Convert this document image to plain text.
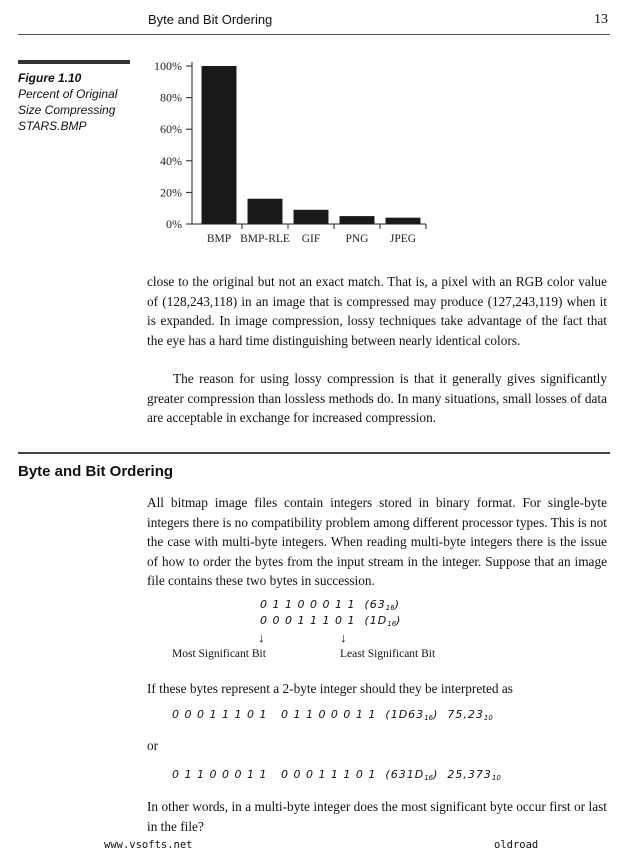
Byte and Bit Ordering	13
Figure 1.10
Percent of Original
Size Compressing
STARS.BMP
0%
20%
40%
60%
80%
100%
BMP BMP-RLE GIF PNG JPEG
close to the original but not an exact match. That is, a pixel with an RGB color value of (128,243,118) in an image that is compressed may produce (127,243,119) when it is expanded. In image compression, lossy techniques take advantage of the fact that the eye has a hard time distinguishing between nearly identical colors.
The reason for using lossy compression is that it generally gives significantly greater compression than lossless methods do. In many situations, small losses of data are acceptable in exchange for increased compression.
Byte and Bit Ordering
All bitmap image files contain integers stored in binary format. For single-byte integers there is no compatibility problem among different processor types. This is not the case with multi-byte integers. When reading multi-byte integers there is the issue of how to order the bytes from the input stream in the integer. Suppose that an image file contains these two bytes in succession.
0 1 1 0 0 0 1 1 $(63_{16})$
0 0 0 1 1 1 0 1 $(1D_{16})$
↓	↓
Most Significant Bit	Least Significant Bit
If these bytes represent a 2-byte integer should they be interpreted as
0 0 0 1 1 1 0 1   0 1 1 0 0 0 1 1 $(1D63_{16})$  $75,23_{10}$
or
0 1 1 0 0 0 1 1   0 0 0 1 1 1 0 1 $(631D_{16})$  $25,373_{10}$
In other words, in a multi-byte integer does the most significant byte occur first or last in the file?
www.vsofts.net	oldroad
